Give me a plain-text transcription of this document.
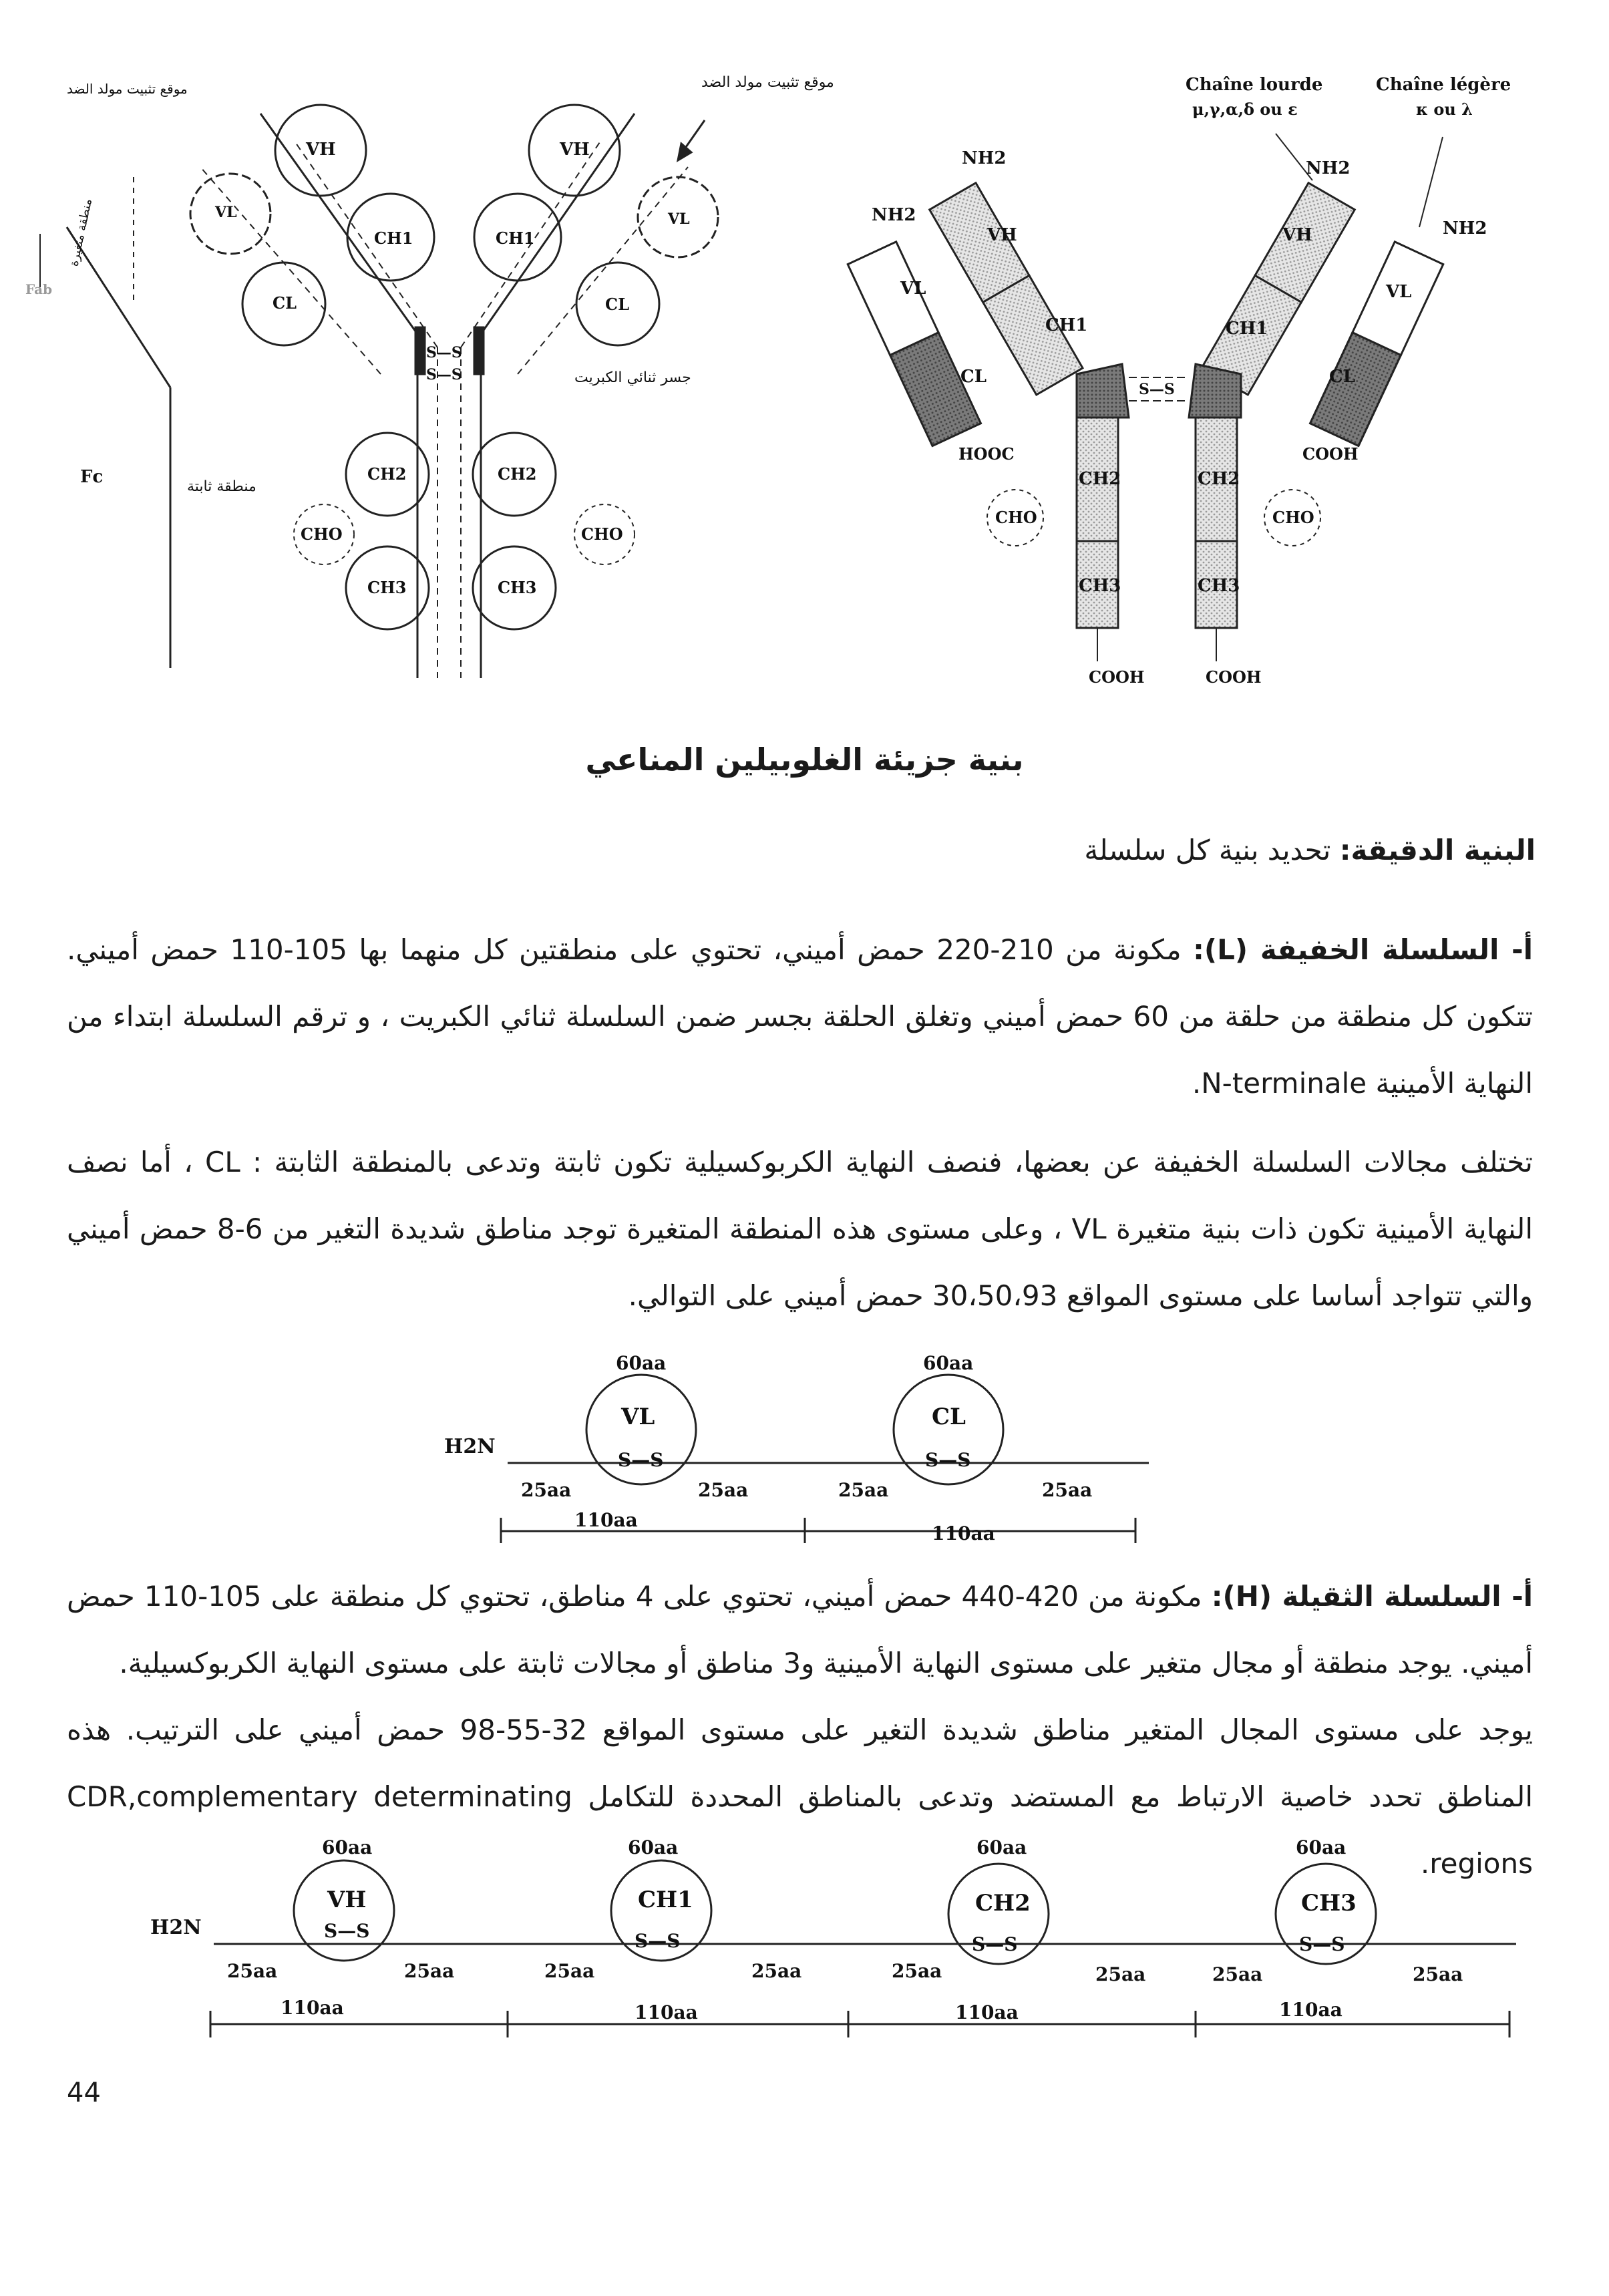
VH	VH
VL	VL
CH1	CH1
CL	CL
CH2	CH2
CH3	CH3
CHO	CHO
S—S
S—S
Fab
Fc
موقع تثبيت مولد الضد	موقع تثبيت مولد الضد
منطقة متغيرة
منطقة ثابتة
جسر ثنائي الكبريت
Chaîne lourde
μ,γ,α,δ ou ε
Chaîne légère
κ ou λ
NH2	NH2
NH2
NH2
VL	VL
VH	VH
CH1	CH1
CL	CL
CH2	CH2
CH3	CH3
CHO	CHO
HOOC	COOH
COOH	COOH
S—S
بنية جزيئة الغلوبيلين المناعي
البنية الدقيقة: تحديد بنية كل سلسلة

أ- السلسلة الخفيفة (L): مكونة من 210-220 حمض أميني، تحتوي على منطقتين كل منهما بها 105-110 حمض أميني. تتكون كل منطقة من حلقة من 60 حمض أميني وتغلق الحلقة بجسر ضمن السلسلة ثنائي الكبريت ، و ترقم السلسلة ابتداء من النهاية الأمينية N-terminale.

تختلف مجالات السلسلة الخفيفة عن بعضها، فنصف النهاية الكربوكسيلية تكون ثابتة وتدعى بالمنطقة الثابتة : CL ، أما نصف النهاية الأمينية تكون ذات بنية متغيرة VL ، وعلى مستوى هذه المنطقة المتغيرة توجد مناطق شديدة التغير من 6-8 حمض أميني والتي تتواجد أساسا على مستوى المواقع 30،50،93 حمض أميني على التوالي.

H2N
60aa	60aa
VL	CL
S—S	S—S
25aa	25aa	25aa	25aa
110aa
110aa

أ- السلسلة الثقيلة (H): مكونة من 420-440 حمض أميني، تحتوي على 4 مناطق، تحتوي كل منطقة على 105-110 حمض أميني. يوجد منطقة أو مجال متغير على مستوى النهاية الأمينية و3 مناطق أو مجالات ثابتة على مستوى النهاية الكربوكسيلية.

يوجد على مستوى المجال المتغير مناطق شديدة التغير على مستوى المواقع 32-55-98 حمض أميني على الترتيب. هذه المناطق تحدد خاصية الارتباط مع المستضد وتدعى بالمناطق المحددة للتكامل CDR,complementary determinating regions.

H2N
60aa	60aa	60aa	60aa
VH	CH1	CH2	CH3
S—S	S—S	S—S	S—S
25aa	25aa	25aa	25aa	25aa	25aa	25aa	25aa
110aa	110aa	110aa	110aa
44
